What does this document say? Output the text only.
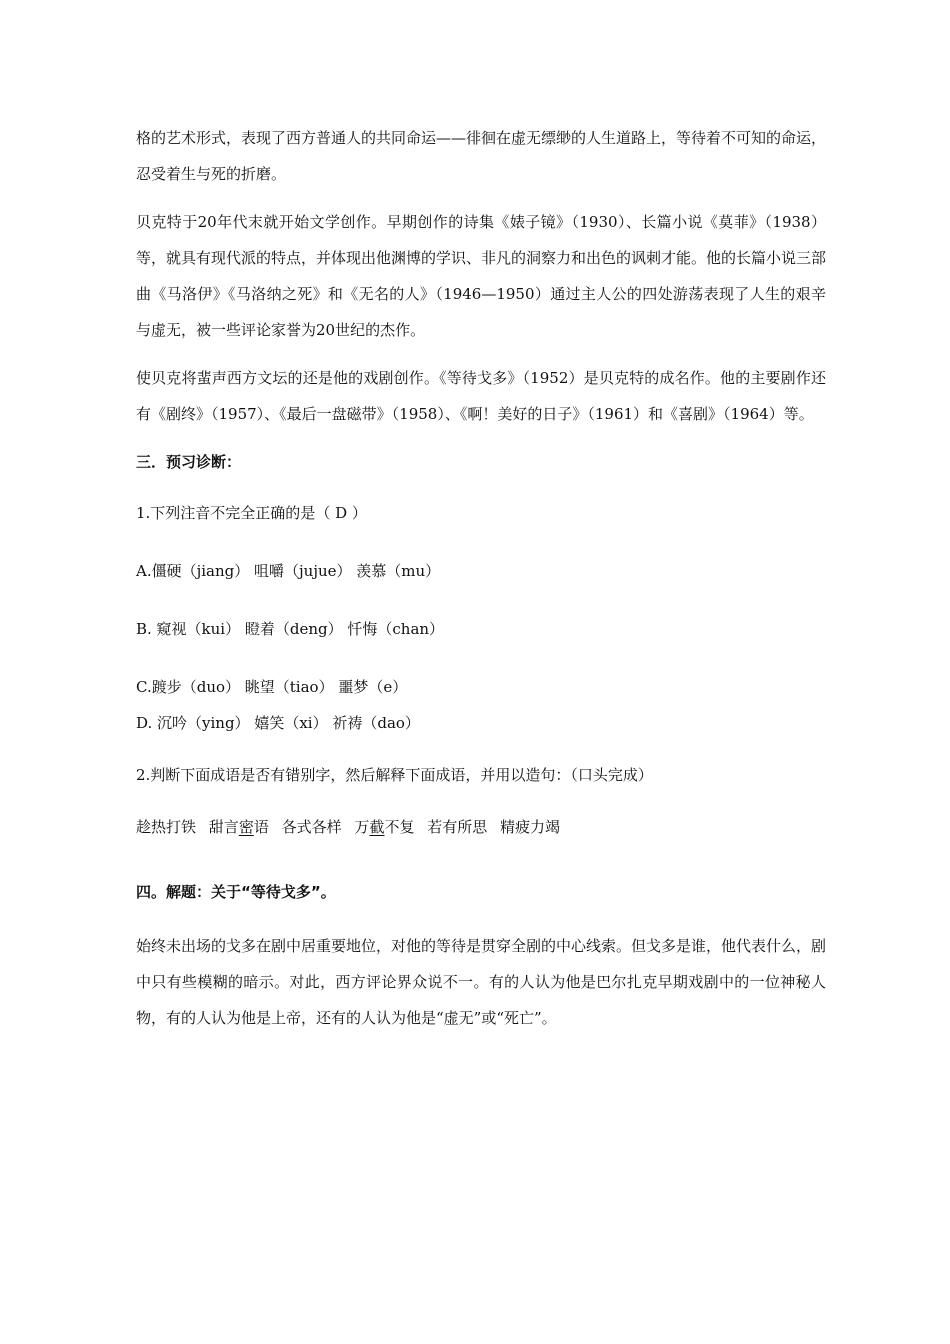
格的艺术形式，表现了西方普通人的共同命运——徘徊在虚无缥缈的人生道路上，等待着不可知的命运，忍受着生与死的折磨。

贝克特于20年代末就开始文学创作。早期创作的诗集《婊子镜》（1930）、长篇小说《莫菲》（1938）等，就具有现代派的特点，并体现出他渊博的学识、非凡的洞察力和出色的讽刺才能。他的长篇小说三部曲《马洛伊》《马洛纳之死》和《无名的人》（1946—1950）通过主人公的四处游荡表现了人生的艰辛与虚无，被一些评论家誉为20世纪的杰作。

使贝克将蜚声西方文坛的还是他的戏剧创作。《等待戈多》（1952）是贝克特的成名作。他的主要剧作还有《剧终》（1957）、《最后一盘磁带》（1958）、《啊！美好的日子》（1961）和《喜剧》（1964）等。

三．预习诊断：

1.下列注音不完全正确的是（ D ）

A.僵硬（jiang） 咀嚼（jujue） 羡慕（mu）

B. 窥视（kui） 瞪着（deng） 忏悔（chan）

C.踱步（duo） 眺望（tiao） 噩梦（e）

D. 沉吟（ying） 嬉笑（xi） 祈祷（dao）

2.判断下面成语是否有错别字，然后解释下面成语，并用以造句：（口头完成）

趁热打铁 甜言密语 各式各样 万截不复 若有所思 精疲力竭

四。解题：关于“等待戈多”。

始终未出场的戈多在剧中居重要地位，对他的等待是贯穿全剧的中心线索。但戈多是谁，他代表什么，剧中只有些模糊的暗示。对此，西方评论界众说不一。有的人认为他是巴尔扎克早期戏剧中的一位神秘人物，有的人认为他是上帝，还有的人认为他是“虚无”或“死亡”。
